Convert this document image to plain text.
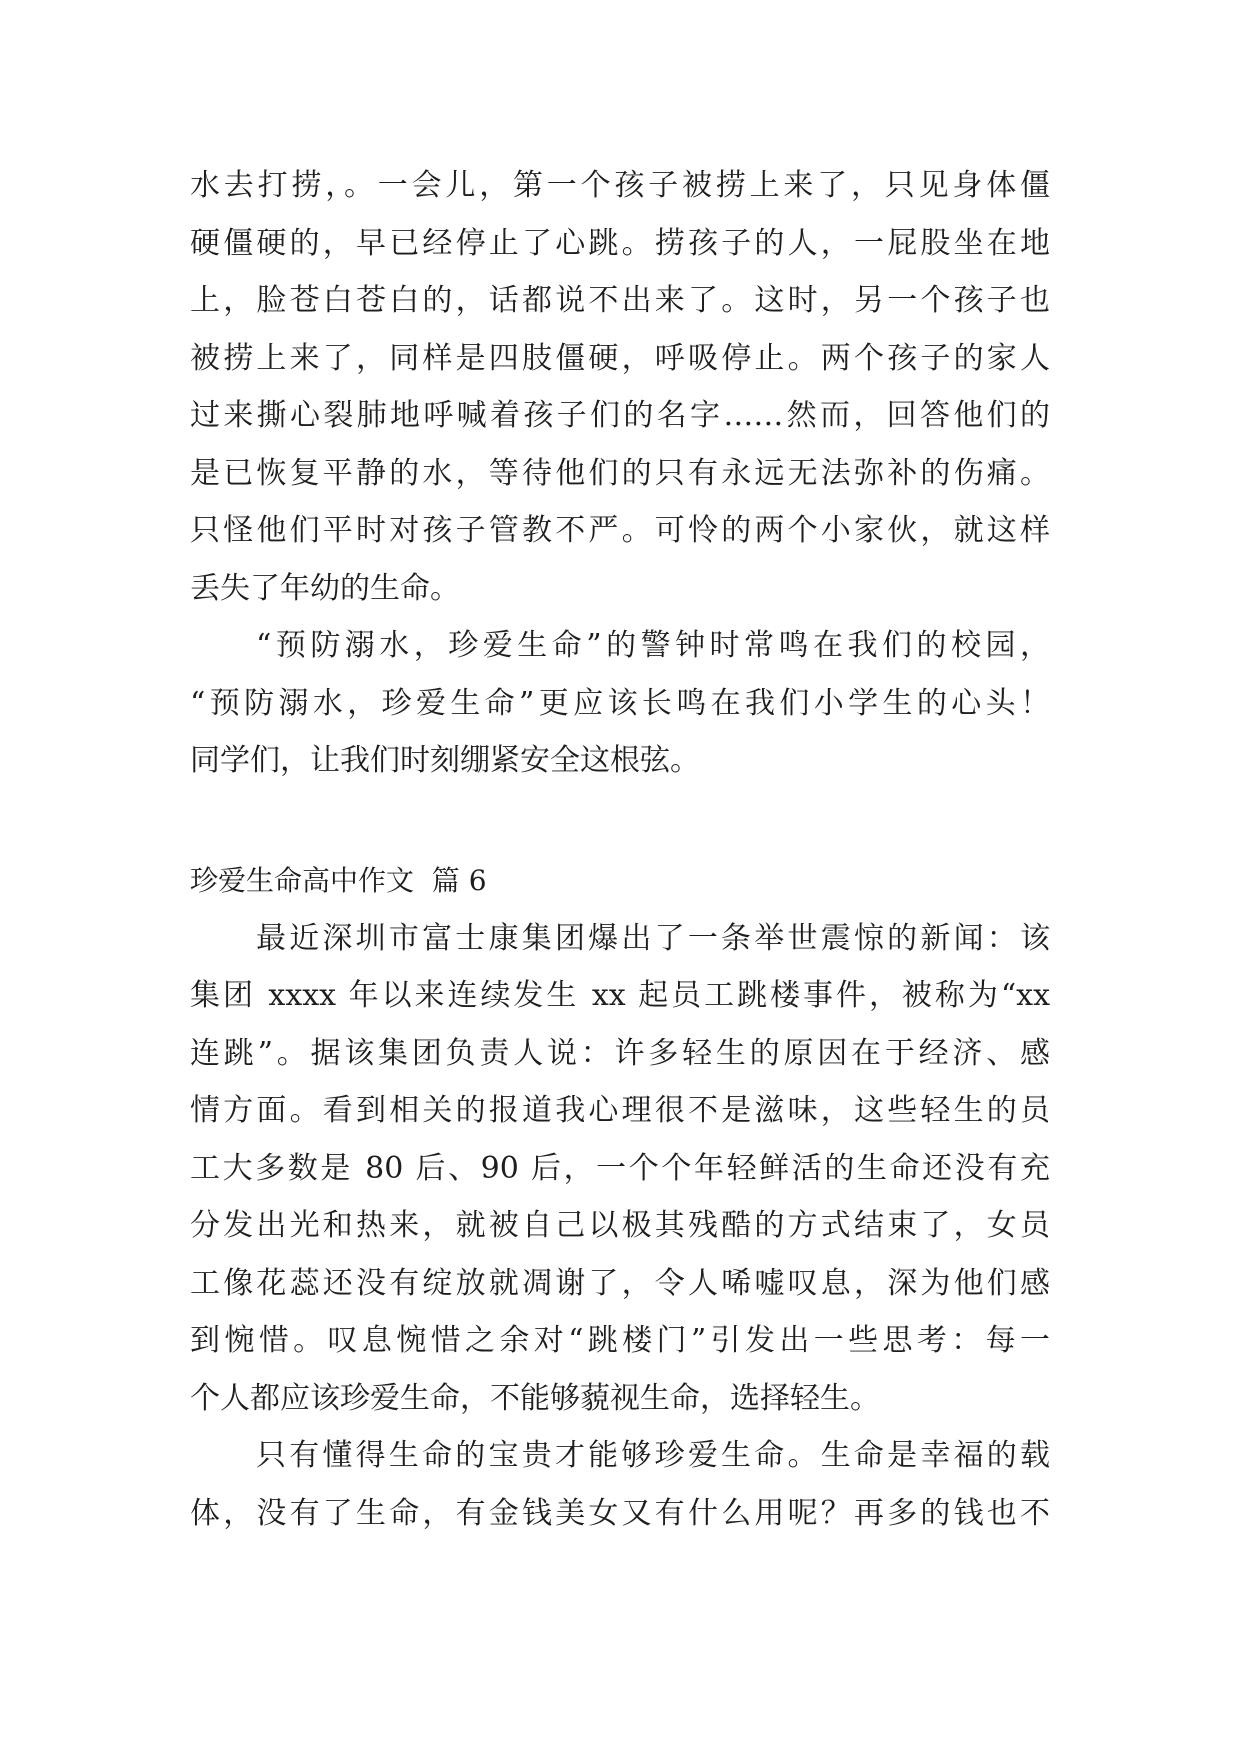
水去打捞，。一会儿，第一个孩子被捞上来了，只见身体僵
硬僵硬的，早已经停止了心跳。捞孩子的人，一屁股坐在地
上，脸苍白苍白的，话都说不出来了。这时，另一个孩子也
被捞上来了，同样是四肢僵硬，呼吸停止。两个孩子的家人
过来撕心裂肺地呼喊着孩子们的名字……然而，回答他们的
是已恢复平静的水，等待他们的只有永远无法弥补的伤痛。
只怪他们平时对孩子管教不严。可怜的两个小家伙，就这样
丢失了年幼的生命。
“预防溺水，珍爱生命”的警钟时常鸣在我们的校园，
“预防溺水，珍爱生命”更应该长鸣在我们小学生的心头！
同学们，让我们时刻绷紧安全这根弦。
珍爱生命高中作文  篇 6
最近深圳市富士康集团爆出了一条举世震惊的新闻：该
集团 xxxx 年以来连续发生 xx 起员工跳楼事件，被称为“xx
连跳”。据该集团负责人说：许多轻生的原因在于经济、感
情方面。看到相关的报道我心理很不是滋味，这些轻生的员
工大多数是 80 后、90 后，一个个年轻鲜活的生命还没有充
分发出光和热来，就被自己以极其残酷的方式结束了，女员
工像花蕊还没有绽放就凋谢了，令人唏嘘叹息，深为他们感
到惋惜。叹息惋惜之余对“跳楼门”引发出一些思考：每一
个人都应该珍爱生命，不能够藐视生命，选择轻生。
只有懂得生命的宝贵才能够珍爱生命。生命是幸福的载
体，没有了生命，有金钱美女又有什么用呢？再多的钱也不
